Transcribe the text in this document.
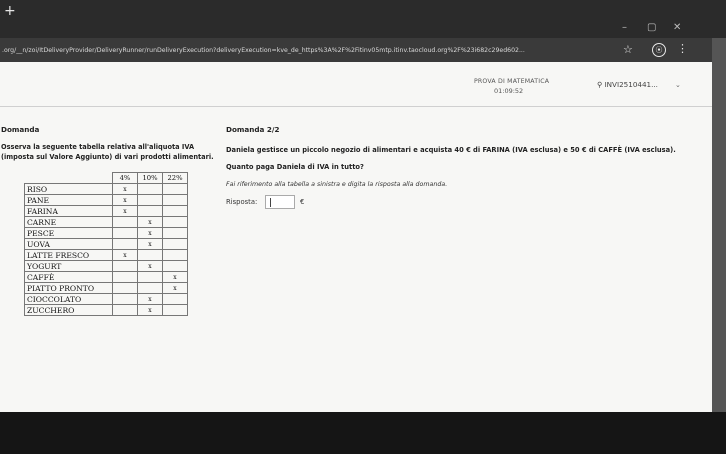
+
– ▢ ✕
.org/__n/zoi/ItDeliveryProvider/DeliveryRunner/runDeliveryExecution?deliveryExecution=kve_de_https%3A%2F%2Fitinv05mtp.itinv.taocloud.org%2F%23i682c29ed602...	☆	⦿	⋮
PROVA DI MATEMATICA
01:09:52
⚲ INVI2510441... ⌄
Domanda
Osserva la seguente tabella relativa all'aliquota IVA (imposta sul Valore Aggiunto) di vari prodotti alimentari.
	4%	10%	22%
RISO	x		
PANE	x		
FARINA	x		
CARNE		x	
PESCE		x	
UOVA		x	
LATTE FRESCO	x		
YOGURT		x	
CAFFÈ			x
PIATTO PRONTO			x
CIOCCOLATO		x	
ZUCCHERO		x	
Domanda 2/2
Daniela gestisce un piccolo negozio di alimentari e acquista 40 € di FARINA (IVA esclusa) e 50 € di CAFFÈ (IVA esclusa).
Quanto paga Daniela di IVA in tutto?
Fai riferimento alla tabella a sinistra e digita la risposta alla domanda.
Risposta:	€
